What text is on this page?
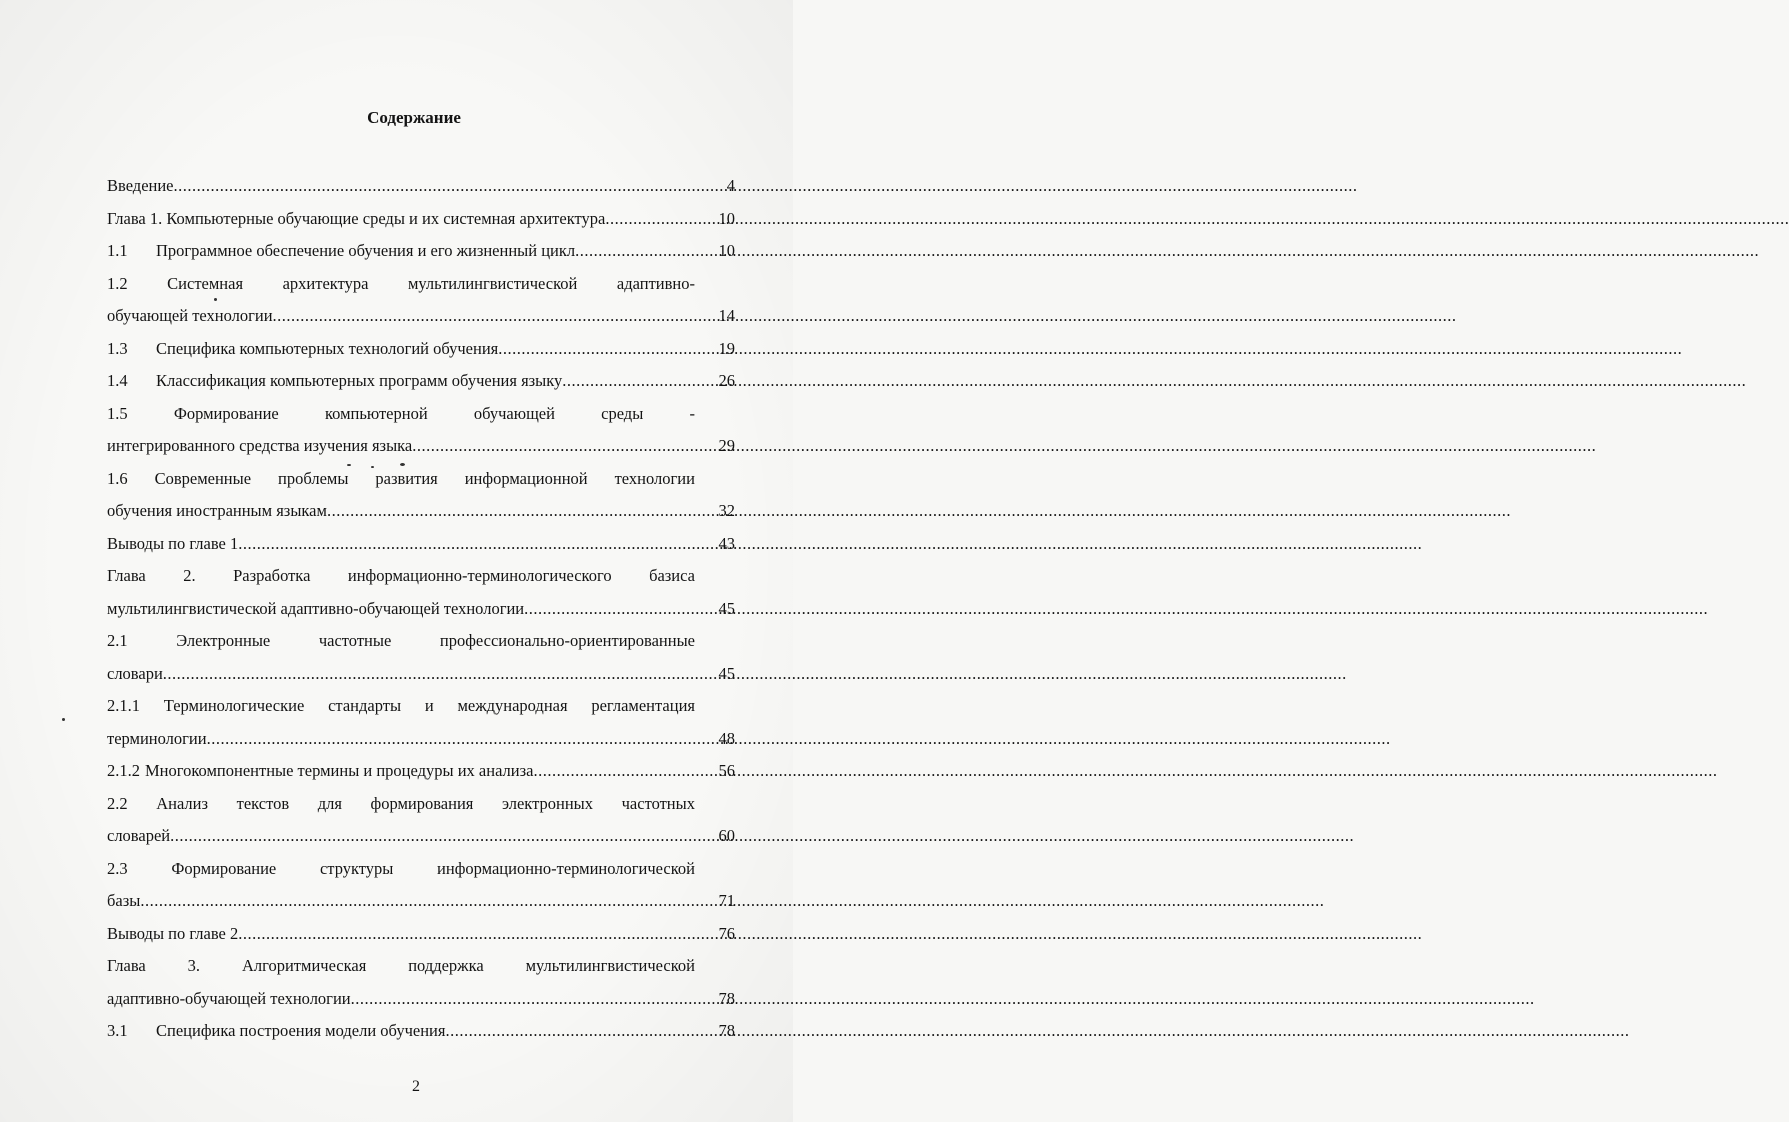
Содержание
Введение .....	4
Глава 1. Компьютерные обучающие среды и их системная архитектура .....	10
1.1	Программное обеспечение обучения и его жизненный цикл .....	10
1.2 Системная архитектура мультилингвистической адаптивно-
обучающей технологии .....	14
1.3	Специфика компьютерных технологий обучения .....	19
1.4	Классификация компьютерных программ обучения языку .....	26
1.5	Формирование	компьютерной	обучающей	среды	-
интегрированного средства изучения языка .....	29
1.6 Современные проблемы развития информационной технологии
обучения иностранным языкам .....	32
Выводы по главе 1 .....	43
Глава 2. Разработка информационно-терминологического базиса
мультилингвистической адаптивно-обучающей технологии .....	45
2.1	Электронные	частотные	профессионально-ориентированные
словари .....	45
2.1.1 Терминологические стандарты и международная регламентация
терминологии .....	48
2.1.2 Многокомпонентные термины и процедуры их анализа .....	56
2.2 Анализ текстов для формирования электронных частотных
словарей .....	60
2.3	Формирование	структуры	информационно-терминологической
базы .....	71
Выводы по главе 2 .....	76
Глава	3.	Алгоритмическая	поддержка	мультилингвистической
адаптивно-обучающей технологии .....	78
3.1	Специфика построения модели обучения .....	78
2
